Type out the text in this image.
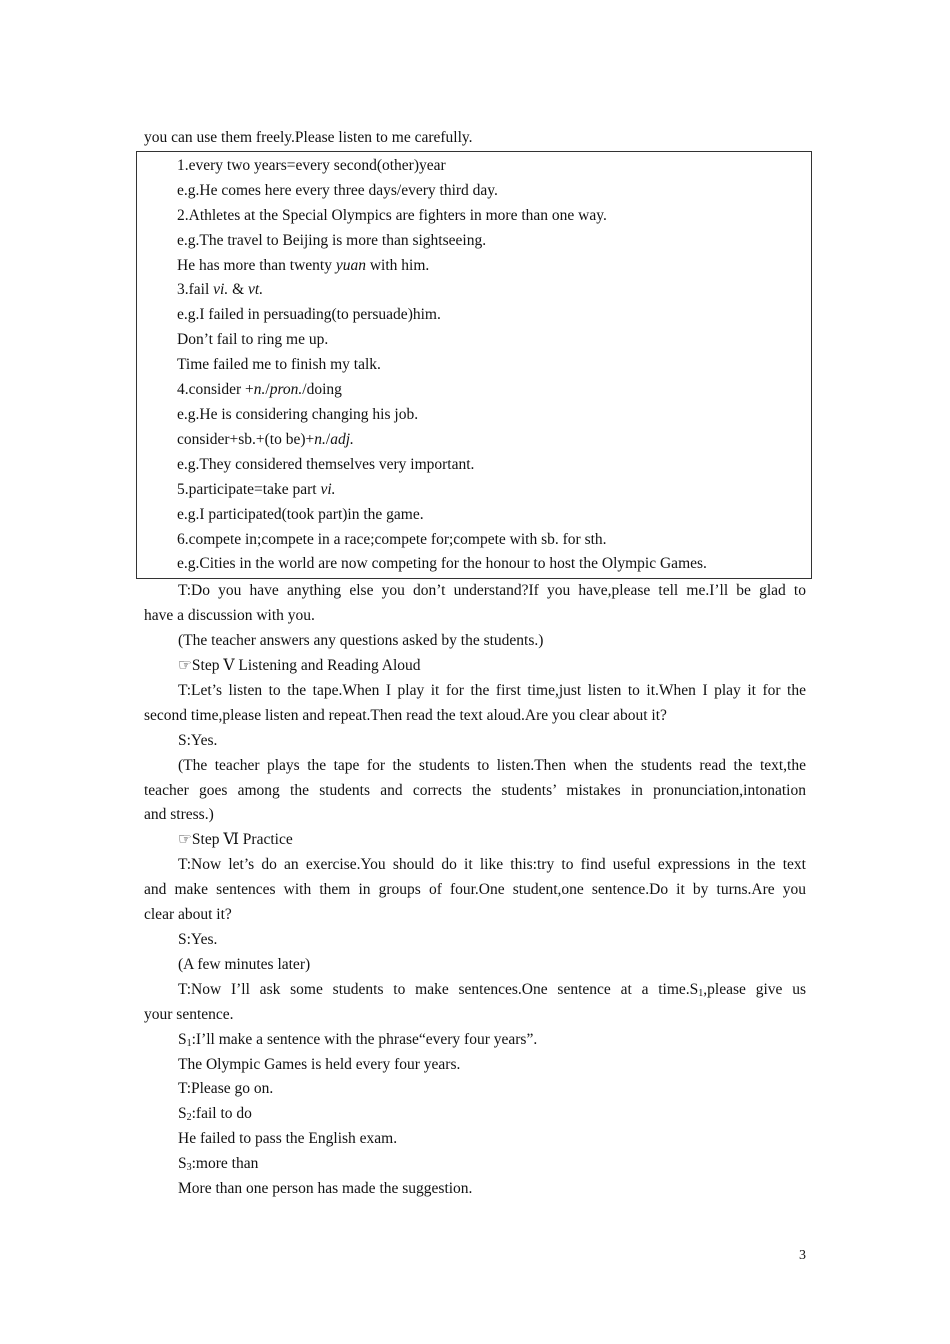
you can use them freely.Please listen to me carefully.
1.every two years=every second(other)year
e.g.He comes here every three days/every third day.
2.Athletes at the Special Olympics are fighters in more than one way.
e.g.The travel to Beijing is more than sightseeing.
He has more than twenty yuan with him.
3.fail vi. & vt.
e.g.I failed in persuading(to persuade)him.
Don’t fail to ring me up.
Time failed me to finish my talk.
4.consider +n./pron./doing
e.g.He is considering changing his job.
consider+sb.+(to be)+n./adj.
e.g.They considered themselves very important.
5.participate=take part vi.
e.g.I participated(took part)in the game.
6.compete in;compete in a race;compete for;compete with sb. for sth.
e.g.Cities in the world are now competing for the honour to host the Olympic Games.
T:Do you have anything else you don’t understand?If you have,please tell me.I’ll be glad to
have a discussion with you.
(The teacher answers any questions asked by the students.)
☞Step Ⅴ Listening and Reading Aloud
T:Let’s listen to the tape.When I play it for the first time,just listen to it.When I play it for the
second time,please listen and repeat.Then read the text aloud.Are you clear about it?
S:Yes.
(The teacher plays the tape for the students to listen.Then when the students read the text,the
teacher goes among the students and corrects the students’ mistakes in pronunciation,intonation
and stress.)
☞Step Ⅵ Practice
T:Now let’s do an exercise.You should do it like this:try to find useful expressions in the text
and make sentences with them in groups of four.One student,one sentence.Do it by turns.Are you
clear about it?
S:Yes.
(A few minutes later)
T:Now I’ll ask some students to make sentences.One sentence at a $time.S_1,please$ give us
your sentence.
$S_1:I’ll$ make a sentence with the phrase“every four years”.
The Olympic Games is held every four years.
T:Please go on.
$S_2:fail$ to do
He failed to pass the English exam.
$S_3:more$ than
More than one person has made the suggestion.
3
